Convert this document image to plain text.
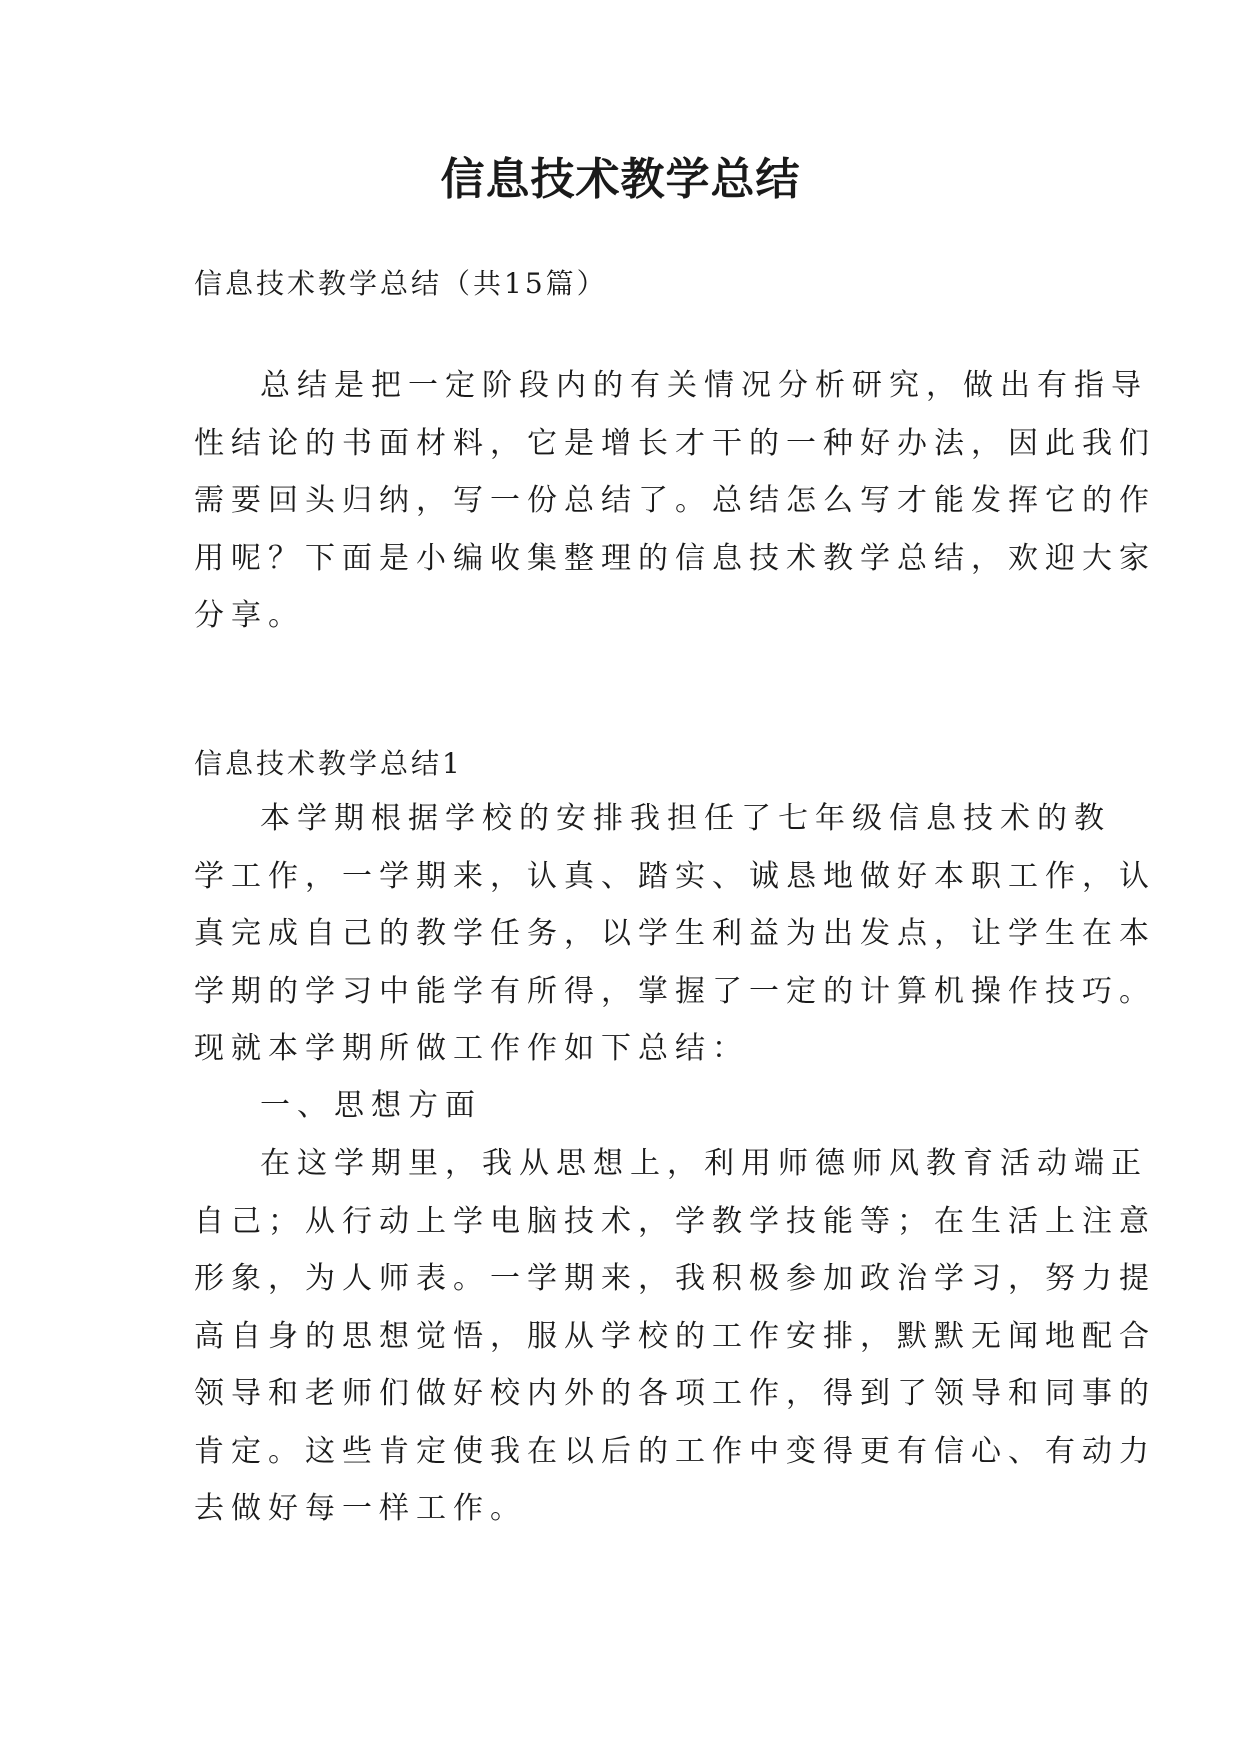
信息技术教学总结
信息技术教学总结（共15篇）
总结是把一定阶段内的有关情况分析研究，做出有指导
性结论的书面材料，它是增长才干的一种好办法，因此我们
需要回头归纳，写一份总结了。总结怎么写才能发挥它的作
用呢？下面是小编收集整理的信息技术教学总结，欢迎大家
分享。
信息技术教学总结1
本学期根据学校的安排我担任了七年级信息技术的教
学工作，一学期来，认真、踏实、诚恳地做好本职工作，认
真完成自己的教学任务，以学生利益为出发点，让学生在本
学期的学习中能学有所得，掌握了一定的计算机操作技巧。
现就本学期所做工作作如下总结：
一、思想方面
在这学期里，我从思想上，利用师德师风教育活动端正
自己；从行动上学电脑技术，学教学技能等；在生活上注意
形象，为人师表。一学期来，我积极参加政治学习，努力提
高自身的思想觉悟，服从学校的工作安排，默默无闻地配合
领导和老师们做好校内外的各项工作，得到了领导和同事的
肯定。这些肯定使我在以后的工作中变得更有信心、有动力
去做好每一样工作。
